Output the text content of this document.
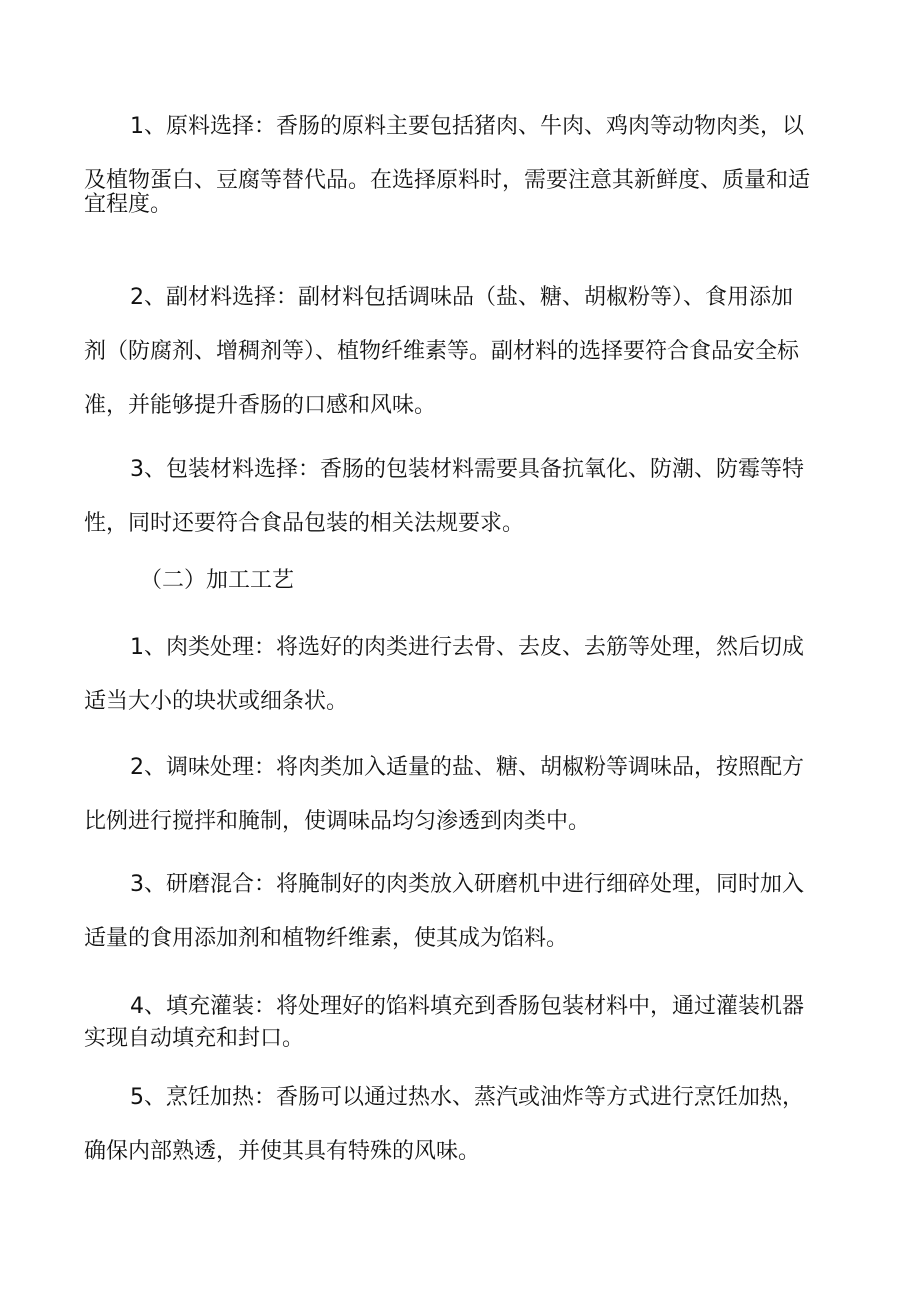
1、原料选择：香肠的原料主要包括猪肉、牛肉、鸡肉等动物肉类，以
及植物蛋白、豆腐等替代品。在选择原料时，需要注意其新鲜度、质量和适
宜程度。
2、副材料选择：副材料包括调味品（盐、糖、胡椒粉等）、食用添加
剂（防腐剂、增稠剂等）、植物纤维素等。副材料的选择要符合食品安全标
准，并能够提升香肠的口感和风味。
3、包装材料选择：香肠的包装材料需要具备抗氧化、防潮、防霉等特
性，同时还要符合食品包装的相关法规要求。
（二）加工工艺
1、肉类处理：将选好的肉类进行去骨、去皮、去筋等处理，然后切成
适当大小的块状或细条状。
2、调味处理：将肉类加入适量的盐、糖、胡椒粉等调味品，按照配方
比例进行搅拌和腌制，使调味品均匀渗透到肉类中。
3、研磨混合：将腌制好的肉类放入研磨机中进行细碎处理，同时加入
适量的食用添加剂和植物纤维素，使其成为馅料。
4、填充灌装：将处理好的馅料填充到香肠包装材料中，通过灌装机器
实现自动填充和封口。
5、烹饪加热：香肠可以通过热水、蒸汽或油炸等方式进行烹饪加热，
确保内部熟透，并使其具有特殊的风味。
